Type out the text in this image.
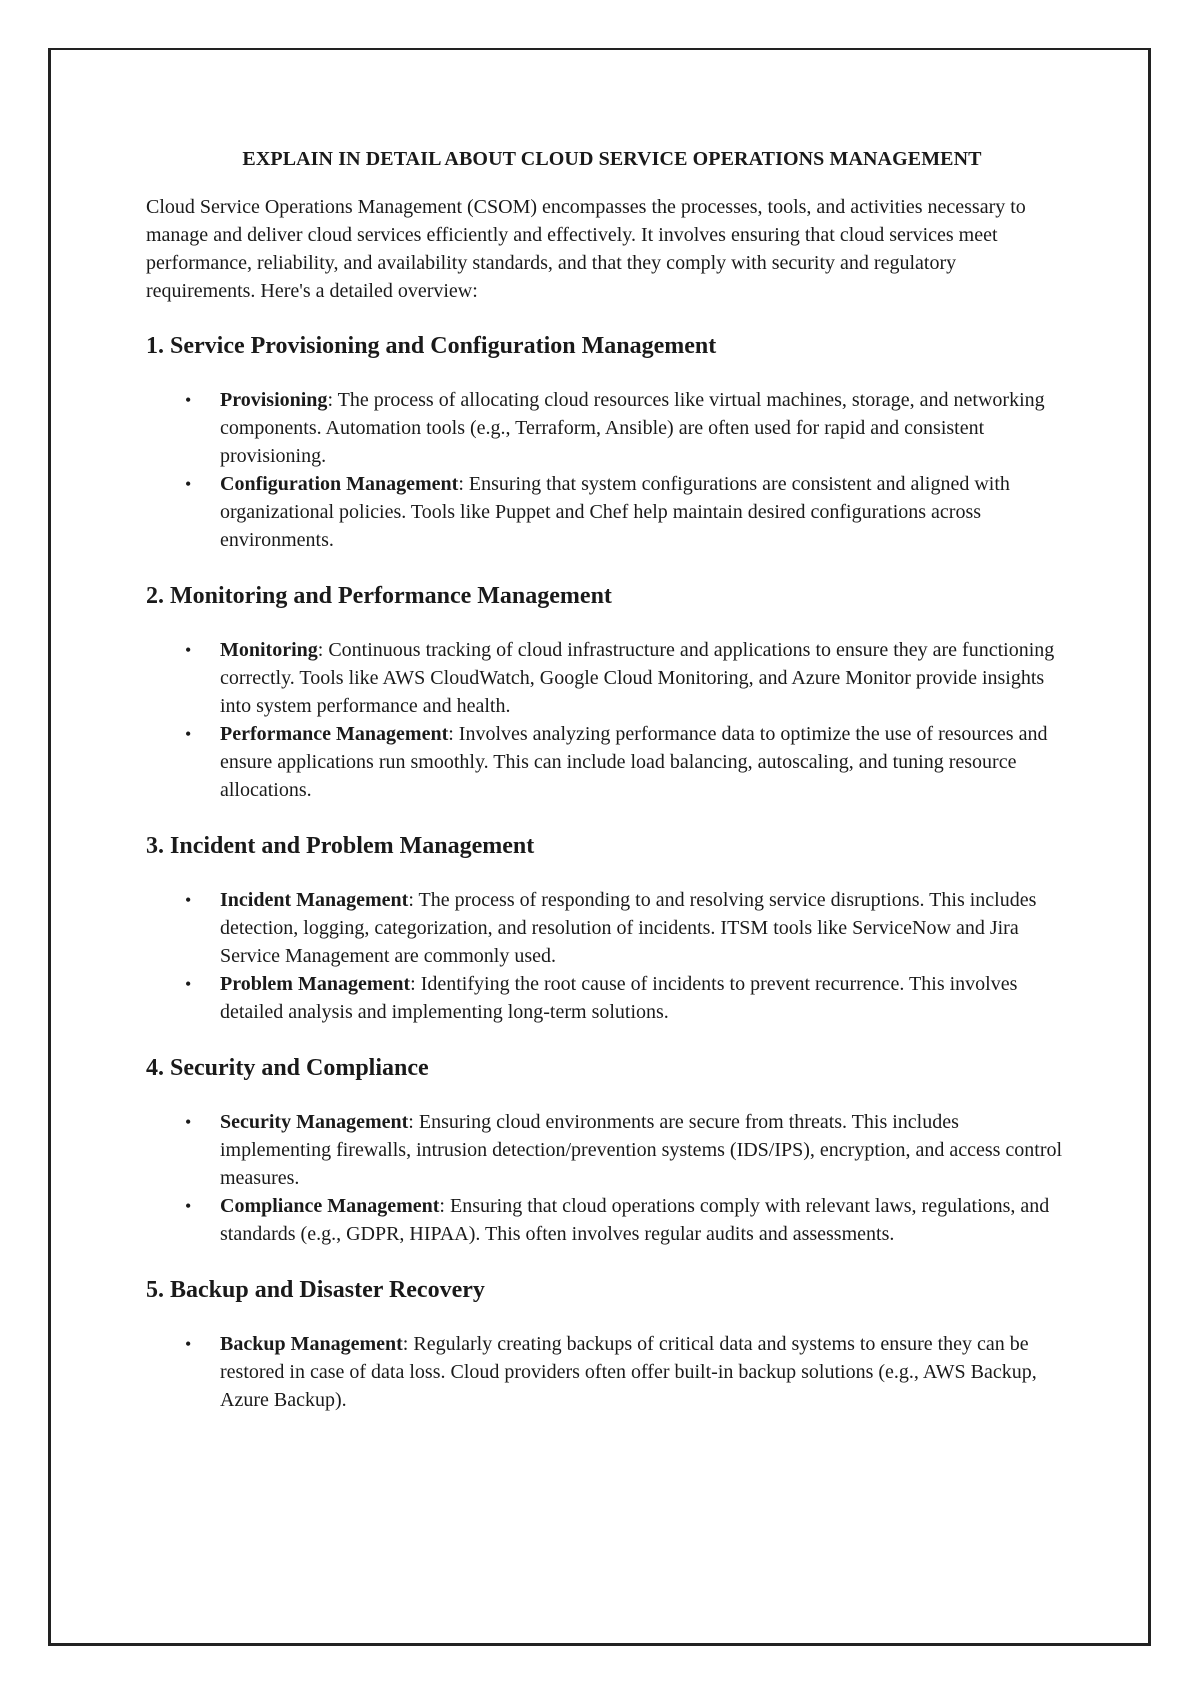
EXPLAIN IN DETAIL ABOUT CLOUD SERVICE OPERATIONS MANAGEMENT

Cloud Service Operations Management (CSOM) encompasses the processes, tools, and activities necessary to manage and deliver cloud services efficiently and effectively. It involves ensuring that cloud services meet performance, reliability, and availability standards, and that they comply with security and regulatory requirements. Here's a detailed overview:

1. Service Provisioning and Configuration Management
• Provisioning: The process of allocating cloud resources like virtual machines, storage, and networking components. Automation tools (e.g., Terraform, Ansible) are often used for rapid and consistent provisioning.
• Configuration Management: Ensuring that system configurations are consistent and aligned with organizational policies. Tools like Puppet and Chef help maintain desired configurations across environments.
2. Monitoring and Performance Management
• Monitoring: Continuous tracking of cloud infrastructure and applications to ensure they are functioning correctly. Tools like AWS CloudWatch, Google Cloud Monitoring, and Azure Monitor provide insights into system performance and health.
• Performance Management: Involves analyzing performance data to optimize the use of resources and ensure applications run smoothly. This can include load balancing, autoscaling, and tuning resource allocations.
3. Incident and Problem Management
• Incident Management: The process of responding to and resolving service disruptions. This includes detection, logging, categorization, and resolution of incidents. ITSM tools like ServiceNow and Jira Service Management are commonly used.
• Problem Management: Identifying the root cause of incidents to prevent recurrence. This involves detailed analysis and implementing long-term solutions.
4. Security and Compliance
• Security Management: Ensuring cloud environments are secure from threats. This includes implementing firewalls, intrusion detection/prevention systems (IDS/IPS), encryption, and access control measures.
• Compliance Management: Ensuring that cloud operations comply with relevant laws, regulations, and standards (e.g., GDPR, HIPAA). This often involves regular audits and assessments.
5. Backup and Disaster Recovery
• Backup Management: Regularly creating backups of critical data and systems to ensure they can be restored in case of data loss. Cloud providers often offer built-in backup solutions (e.g., AWS Backup, Azure Backup).
